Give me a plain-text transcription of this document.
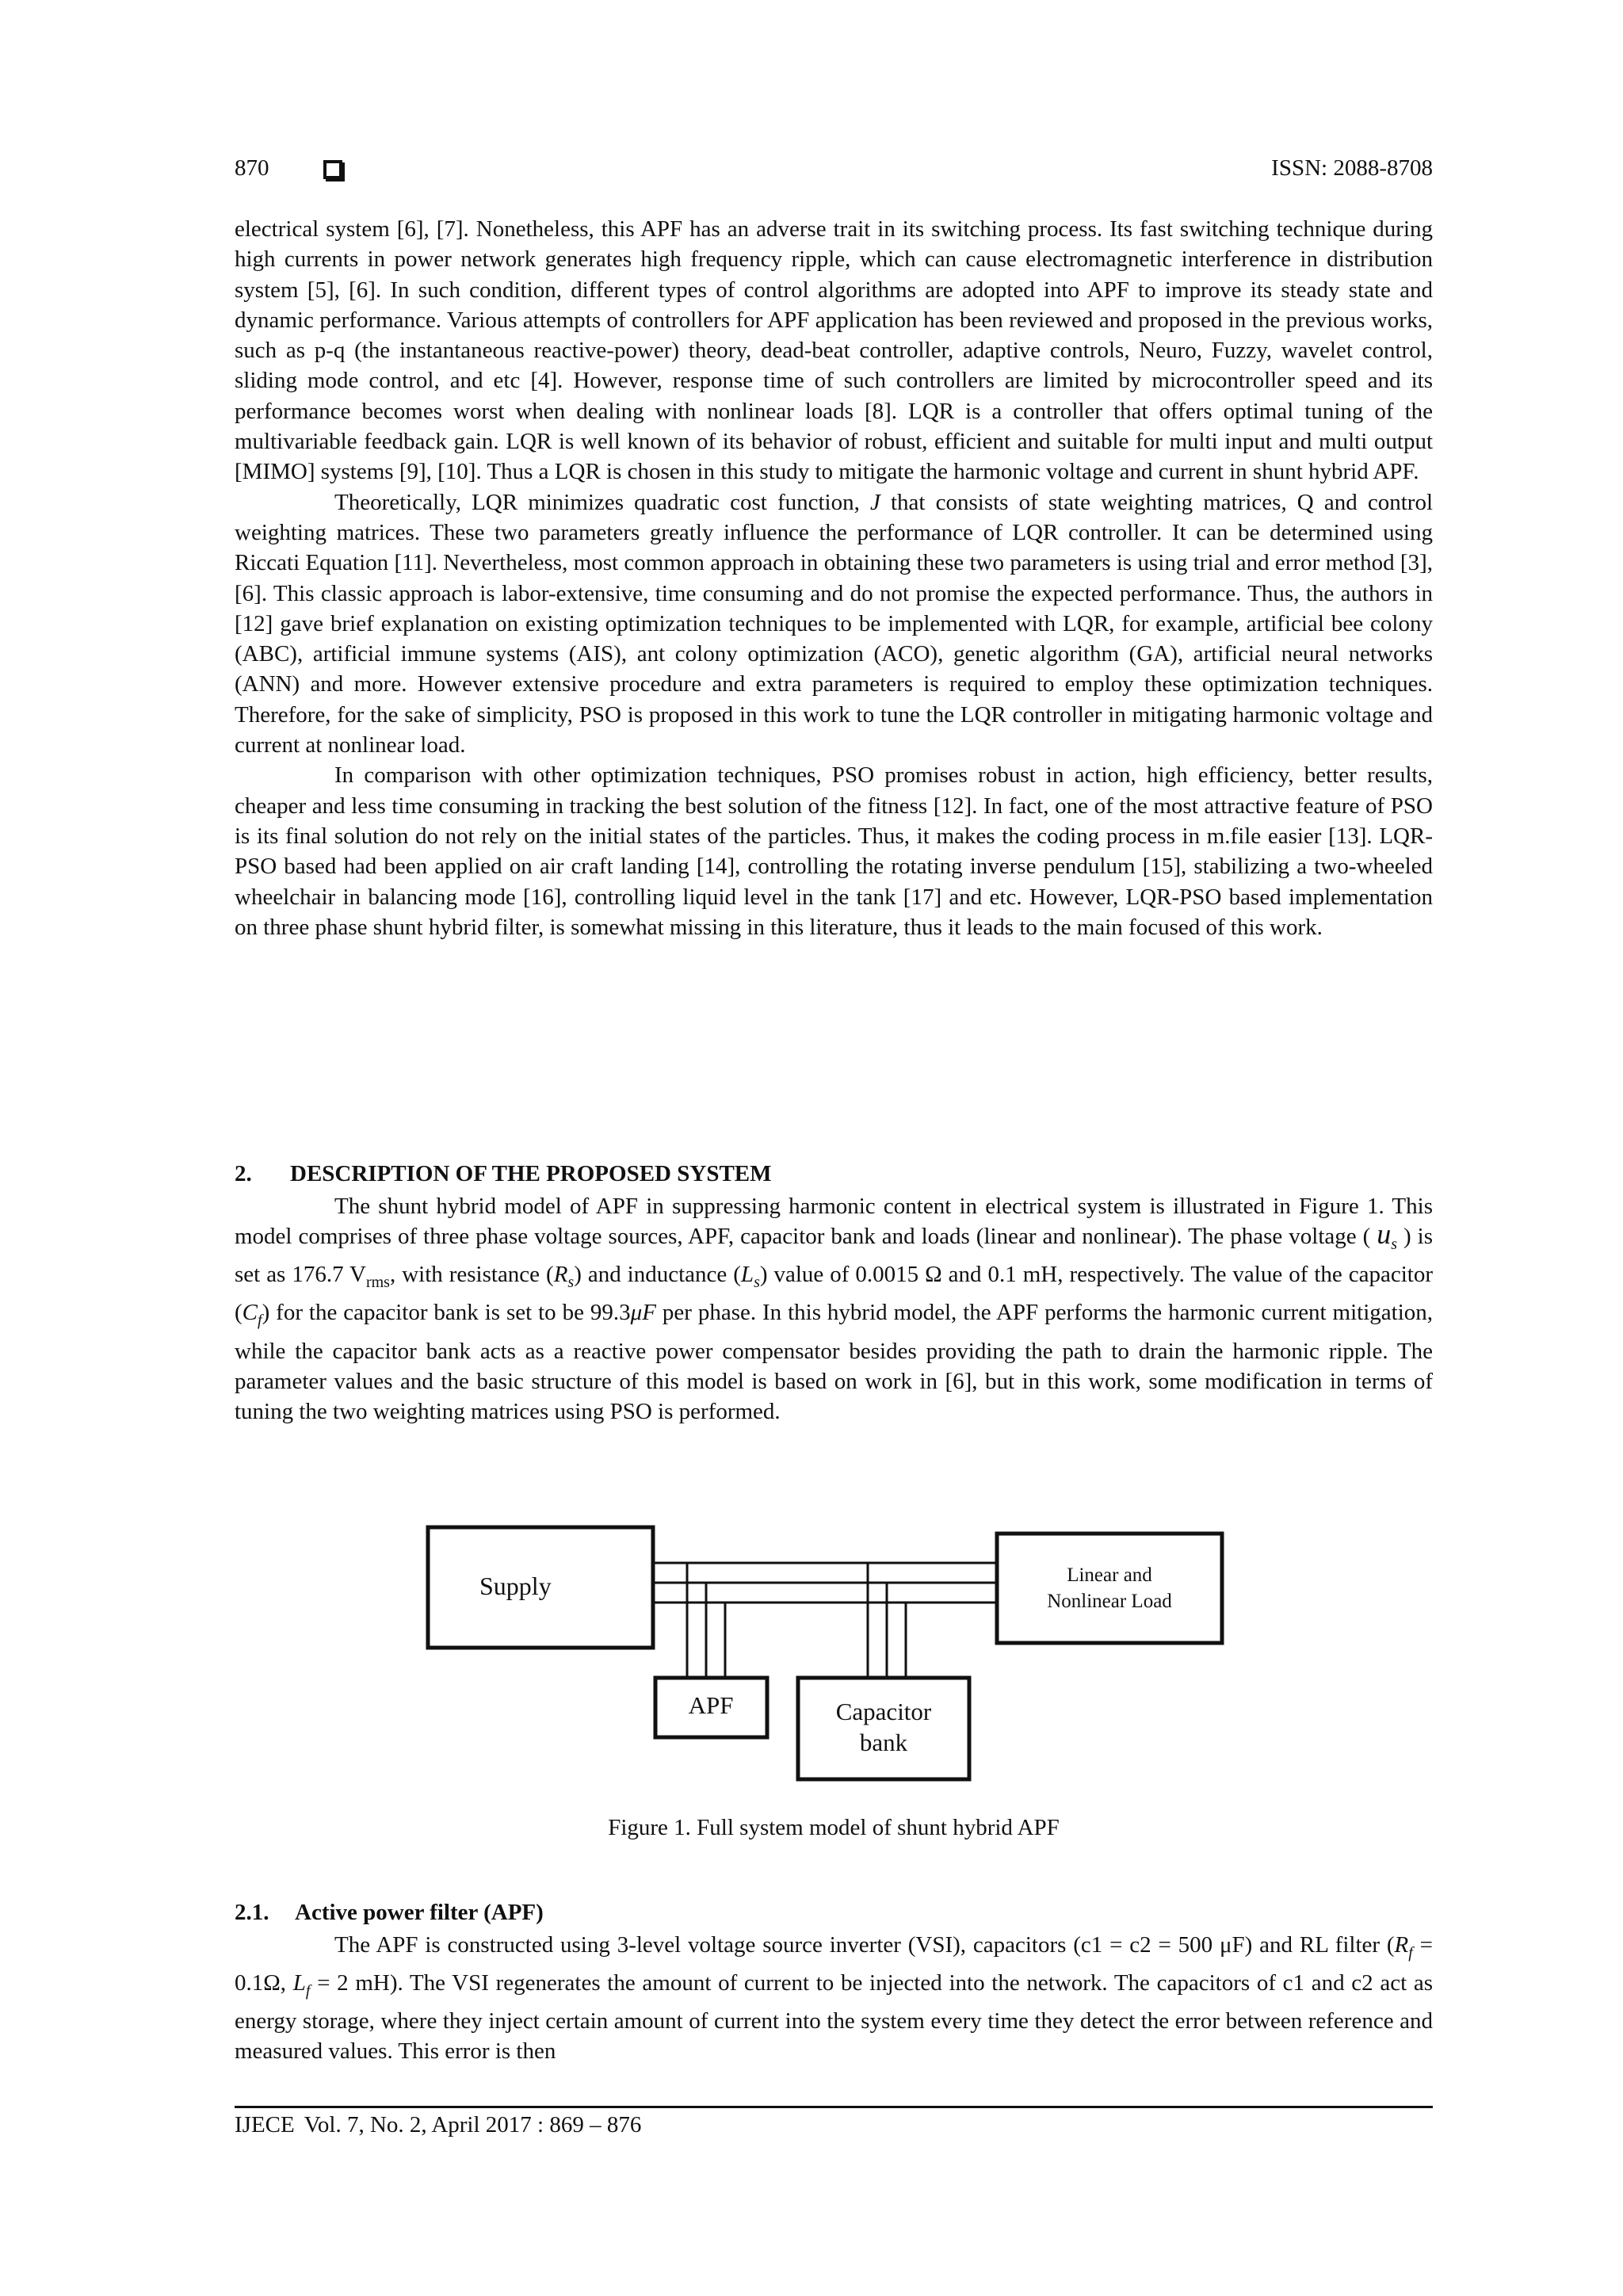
870	ISSN: 2088-8708

electrical system [6], [7]. Nonetheless, this APF has an adverse trait in its switching process. Its fast switching technique during high currents in power network generates high frequency ripple, which can cause electromagnetic interference in distribution system [5], [6]. In such condition, different types of control algorithms are adopted into APF to improve its steady state and dynamic performance. Various attempts of controllers for APF application has been reviewed and proposed in the previous works, such as p-q (the instantaneous reactive-power) theory, dead-beat controller, adaptive controls, Neuro, Fuzzy, wavelet control, sliding mode control, and etc [4]. However, response time of such controllers are limited by microcontroller speed and its performance becomes worst when dealing with nonlinear loads [8]. LQR is a controller that offers optimal tuning of the multivariable feedback gain. LQR is well known of its behavior of robust, efficient and suitable for multi input and multi output [MIMO] systems [9], [10]. Thus a LQR is chosen in this study to mitigate the harmonic voltage and current in shunt hybrid APF.

Theoretically, LQR minimizes quadratic cost function, J that consists of state weighting matrices, Q and control weighting matrices. These two parameters greatly influence the performance of LQR controller. It can be determined using Riccati Equation [11]. Nevertheless, most common approach in obtaining these two parameters is using trial and error method [3], [6]. This classic approach is labor-extensive, time consuming and do not promise the expected performance. Thus, the authors in [12] gave brief explanation on existing optimization techniques to be implemented with LQR, for example, artificial bee colony (ABC), artificial immune systems (AIS), ant colony optimization (ACO), genetic algorithm (GA), artificial neural networks (ANN) and more. However extensive procedure and extra parameters is required to employ these optimization techniques. Therefore, for the sake of simplicity, PSO is proposed in this work to tune the LQR controller in mitigating harmonic voltage and current at nonlinear load.

In comparison with other optimization techniques, PSO promises robust in action, high efficiency, better results, cheaper and less time consuming in tracking the best solution of the fitness [12]. In fact, one of the most attractive feature of PSO is its final solution do not rely on the initial states of the particles. Thus, it makes the coding process in m.file easier [13]. LQR-PSO based had been applied on air craft landing [14], controlling the rotating inverse pendulum [15], stabilizing a two-wheeled wheelchair in balancing mode [16], controlling liquid level in the tank [17] and etc. However, LQR-PSO based implementation on three phase shunt hybrid filter, is somewhat missing in this literature, thus it leads to the main focused of this work.

2. DESCRIPTION OF THE PROPOSED SYSTEM

The shunt hybrid model of APF in suppressing harmonic content in electrical system is illustrated in Figure 1. This model comprises of three phase voltage sources, APF, capacitor bank and loads (linear and nonlinear). The phase voltage ( $u_s$ ) is set as 176.7 $V_{rms}$, with resistance $(R_s)$ and inductance $(L_s)$ value of 0.0015 Ω and 0.1 mH, respectively. The value of the capacitor $(C_f)$ for the capacitor bank is set to be 99.3μF per phase. In this hybrid model, the APF performs the harmonic current mitigation, while the capacitor bank acts as a reactive power compensator besides providing the path to drain the harmonic ripple. The parameter values and the basic structure of this model is based on work in [6], but in this work, some modification in terms of tuning the two weighting matrices using PSO is performed.

Supply	Linear and
Nonlinear Load
APF	Capacitor
bank
Figure 1. Full system model of shunt hybrid APF
2.1. Active power filter (APF)

The APF is constructed using 3-level voltage source inverter (VSI), capacitors (c1 = c2 = 500 μF) and RL filter ($R_f = 0.1\Omega$, $L_f = 2$ mH). The VSI regenerates the amount of current to be injected into the network. The capacitors of c1 and c2 act as energy storage, where they inject certain amount of current into the system every time they detect the error between reference and measured values. This error is then

IJECE Vol. 7, No. 2, April 2017 : 869 – 876
